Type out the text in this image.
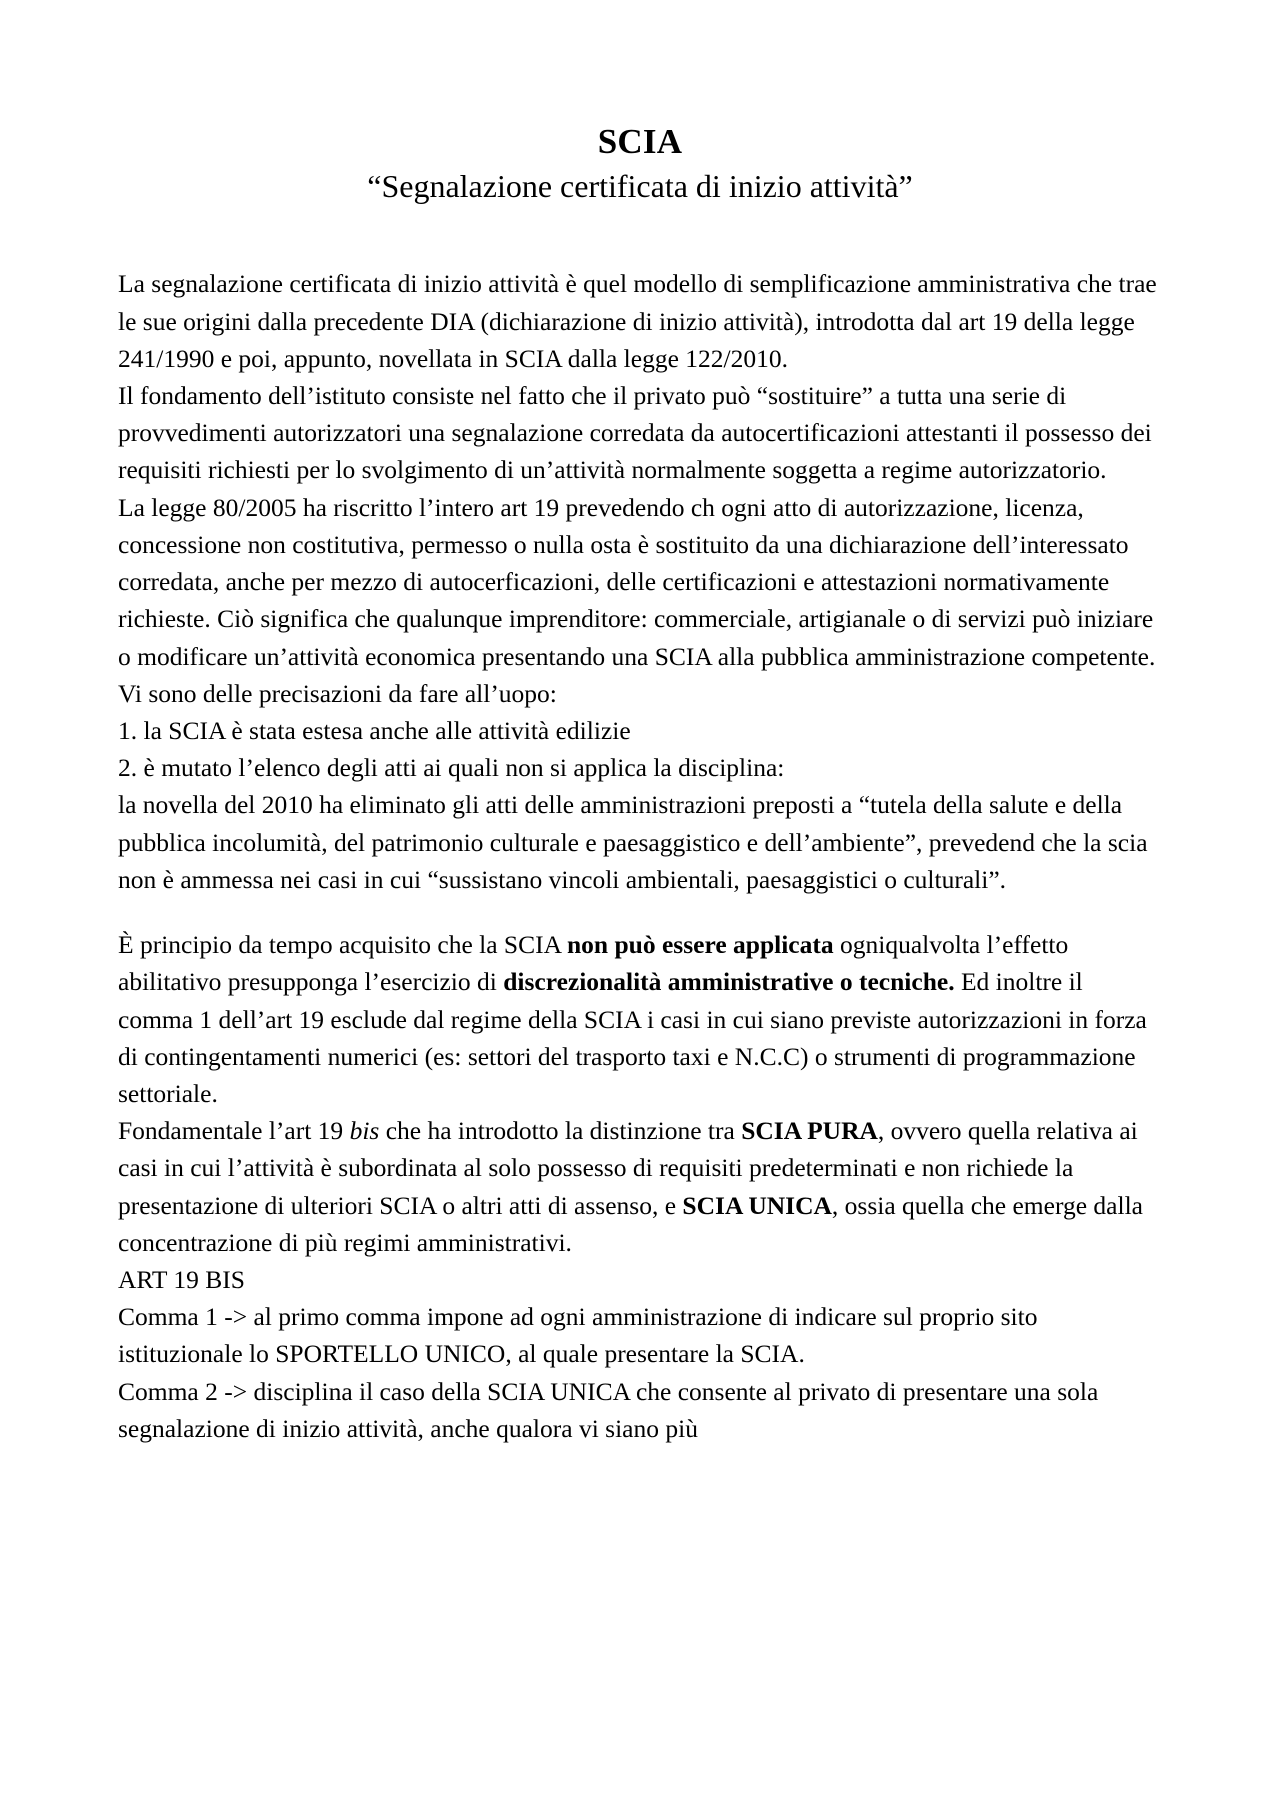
SCIA
“Segnalazione certificata di inizio attività”

La segnalazione certificata di inizio attività è quel modello di semplificazione amministrativa che trae le sue origini dalla precedente DIA (dichiarazione di inizio attività), introdotta dal art 19 della legge 241/1990 e poi, appunto, novellata in SCIA dalla legge 122/2010.

Il fondamento dell’istituto consiste nel fatto che il privato può “sostituire” a tutta una serie di provvedimenti autorizzatori una segnalazione corredata da autocertificazioni attestanti il possesso dei requisiti richiesti per lo svolgimento di un’attività normalmente soggetta a regime autorizzatorio.

La legge 80/2005 ha riscritto l’intero art 19 prevedendo ch ogni atto di autorizzazione, licenza, concessione non costitutiva, permesso o nulla osta è sostituito da una dichiarazione dell’interessato corredata, anche per mezzo di autocerficazioni, delle certificazioni e attestazioni normativamente richieste. Ciò significa che qualunque imprenditore: commerciale, artigianale o di servizi può iniziare o modificare un’attività economica presentando una SCIA alla pubblica amministrazione competente.

Vi sono delle precisazioni da fare all’uopo:

1. la SCIA è stata estesa anche alle attività edilizie

2. è mutato l’elenco degli atti ai quali non si applica la disciplina:

la novella del 2010 ha eliminato gli atti delle amministrazioni preposti a “tutela della salute e della pubblica incolumità, del patrimonio culturale e paesaggistico e dell’ambiente”, prevedend che la scia non è ammessa nei casi in cui “sussistano vincoli ambientali, paesaggistici o culturali”.

È principio da tempo acquisito che la SCIA non può essere applicata ogniqualvolta l’effetto abilitativo presupponga l’esercizio di discrezionalità amministrative o tecniche. Ed inoltre il comma 1 dell’art 19 esclude dal regime della SCIA i casi in cui siano previste autorizzazioni in forza di contingentamenti numerici (es: settori del trasporto taxi e N.C.C) o strumenti di programmazione settoriale.

Fondamentale l’art 19 bis che ha introdotto la distinzione tra SCIA PURA, ovvero quella relativa ai casi in cui l’attività è subordinata al solo possesso di requisiti predeterminati e non richiede la presentazione di ulteriori SCIA o altri atti di assenso, e SCIA UNICA, ossia quella che emerge dalla concentrazione di più regimi amministrativi.

ART 19 BIS

Comma 1 -> al primo comma impone ad ogni amministrazione di indicare sul proprio sito istituzionale lo SPORTELLO UNICO, al quale presentare la SCIA.

Comma 2 -> disciplina il caso della SCIA UNICA che consente al privato di presentare una sola segnalazione di inizio attività, anche qualora vi siano più
